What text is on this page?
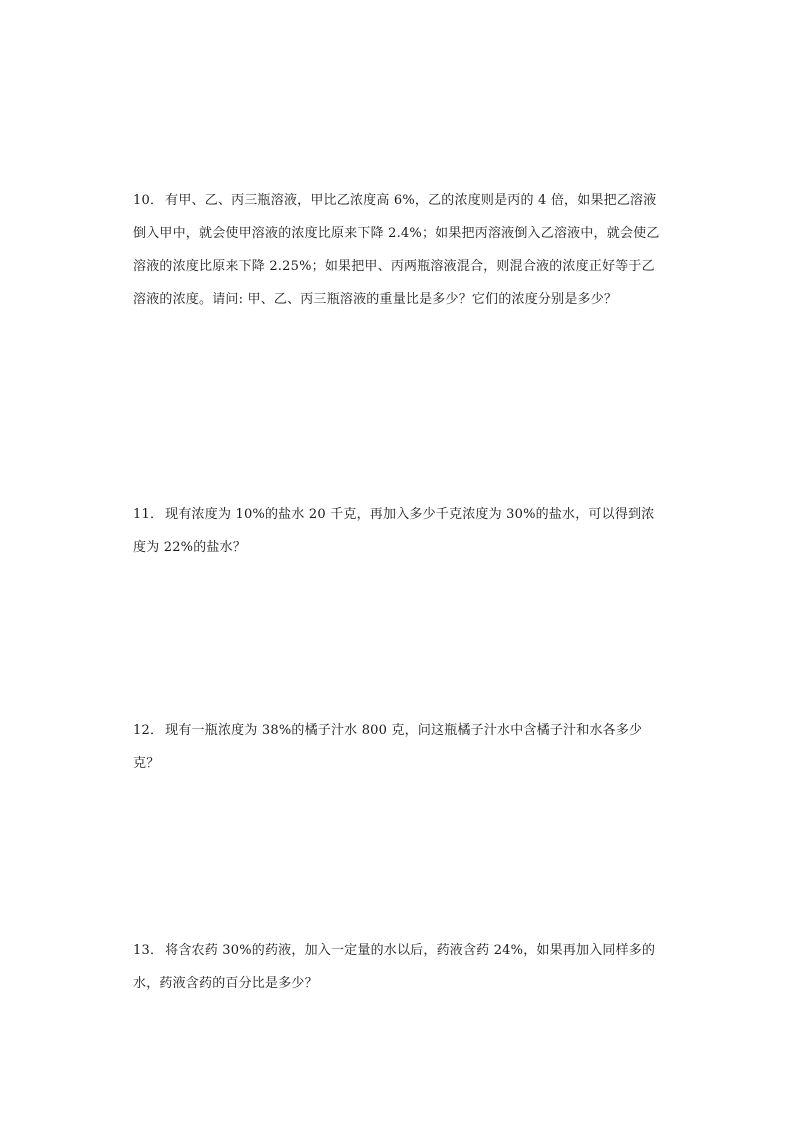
10． 有甲、乙、丙三瓶溶液，甲比乙浓度高 6%，乙的浓度则是丙的 4 倍，如果把乙溶液倒入甲中，就会使甲溶液的浓度比原来下降 2.4%；如果把丙溶液倒入乙溶液中，就会使乙溶液的浓度比原来下降 2.25%；如果把甲、丙两瓶溶液混合，则混合液的浓度正好等于乙溶液的浓度。请问: 甲、乙、丙三瓶溶液的重量比是多少？它们的浓度分别是多少？

11． 现有浓度为 10%的盐水 20 千克，再加入多少千克浓度为 30%的盐水，可以得到浓度为 22%的盐水？

12． 现有一瓶浓度为 38%的橘子汁水 800 克，问这瓶橘子汁水中含橘子汁和水各多少克？

13． 将含农药 30%的药液，加入一定量的水以后，药液含药 24%，如果再加入同样多的水，药液含药的百分比是多少？
